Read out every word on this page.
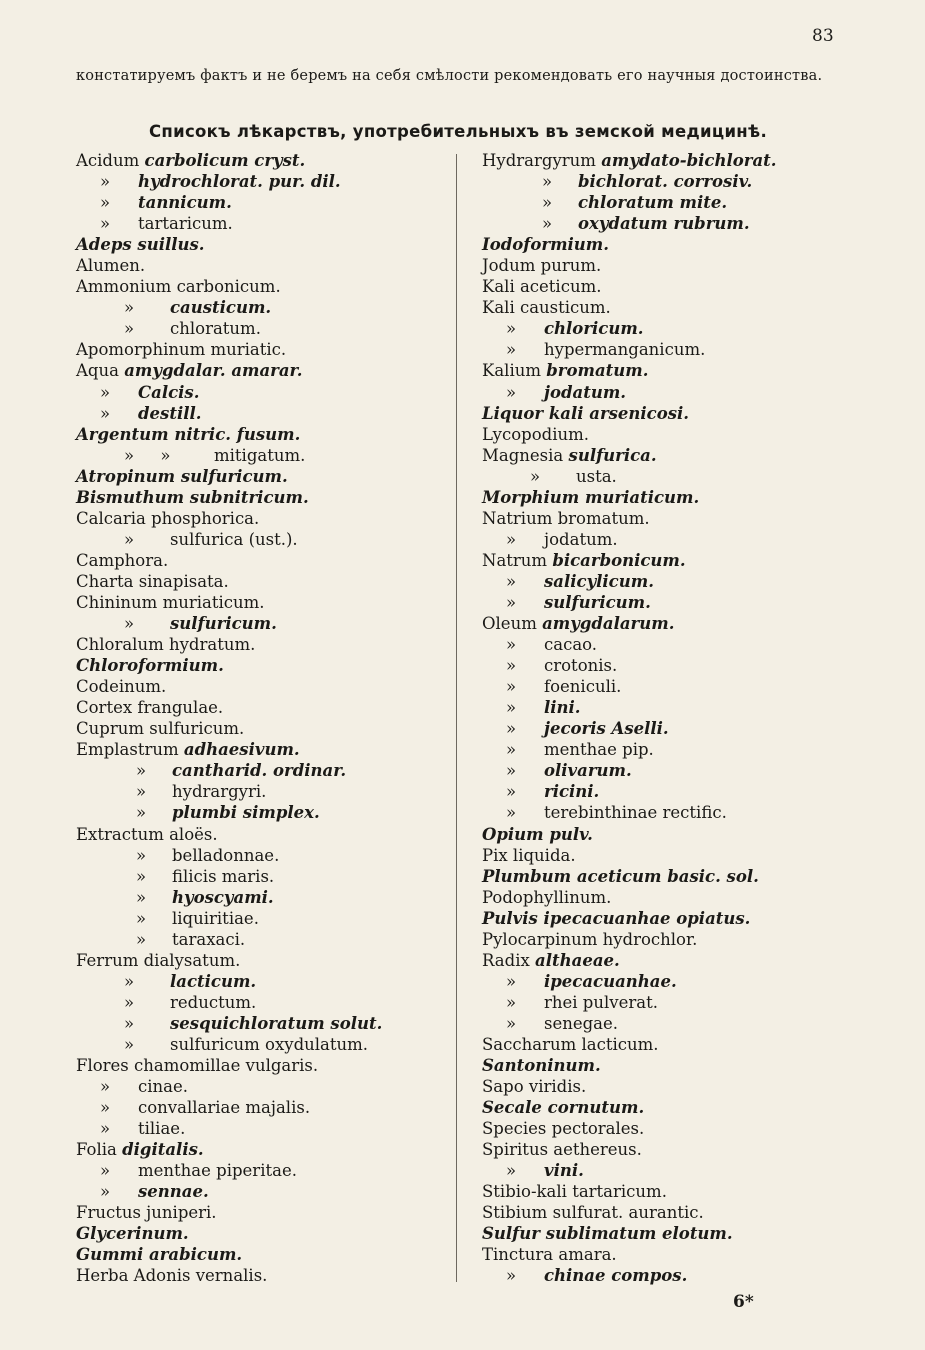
83
констатируемъ фактъ и не беремъ на себя смѣлости рекомендовать его научныя достоинства.
Списокъ лѣкарствъ, употребительныхъ въ земской медицинѣ.
Acidum carbolicum cryst.
» hydrochlorat. pur. dil.
» tannicum.
» tartaricum.
Adeps suillus.
Alumen.
Ammonium carbonicum.
» causticum.
» chloratum.
Apomorphinum muriatic.
Aqua amygdalar. amarar.
» Calcis.
» destill.
Argentum nitric. fusum.
»     »	mitigatum.
Atropinum sulfuricum.
Bismuthum subnitricum.
Calcaria phosphorica.
» sulfurica (ust.).
Camphora.
Charta sinapisata.
Chininum muriaticum.
» sulfuricum.
Chloralum hydratum.
Chloroformium.
Codeinum.
Cortex frangulae.
Cuprum sulfuricum.
Emplastrum adhaesivum.
» cantharid. ordinar.
» hydrargyri.
» plumbi simplex.
Extractum aloës.
» belladonnae.
» filicis maris.
» hyoscyami.
» liquiritiae.
» taraxaci.
Ferrum dialysatum.
» lacticum.
» reductum.
» sesquichloratum solut.
» sulfuricum oxydulatum.
Flores chamomillae vulgaris.
» cinae.
» convallariae majalis.
» tiliae.
Folia digitalis.
» menthae piperitae.
» sennae.
Fructus juniperi.
Glycerinum.
Gummi arabicum.
Herba Adonis vernalis.
Hydrargyrum amydato-bichlorat.
» bichlorat. corrosiv.
» chloratum mite.
» oxydatum rubrum.
Iodoformium.
Jodum purum.
Kali aceticum.
Kali causticum.
» chloricum.
» hypermanganicum.
Kalium bromatum.
» jodatum.
Liquor kali arsenicosi.
Lycopodium.
Magnesia sulfurica.
» usta.
Morphium muriaticum.
Natrium bromatum.
» jodatum.
Natrum bicarbonicum.
» salicylicum.
» sulfuricum.
Oleum amygdalarum.
» cacao.
» crotonis.
» foeniculi.
» lini.
» jecoris Aselli.
» menthae pip.
» olivarum.
» ricini.
» terebinthinae rectific.
Opium pulv.
Pix liquida.
Plumbum aceticum basic. sol.
Podophyllinum.
Pulvis ipecacuanhae opiatus.
Pylocarpinum hydrochlor.
Radix althaeae.
» ipecacuanhae.
» rhei pulverat.
» senegae.
Saccharum lacticum.
Santoninum.
Sapo viridis.
Secale cornutum.
Species pectorales.
Spiritus aethereus.
» vini.
Stibio-kali tartaricum.
Stibium sulfurat. aurantic.
Sulfur sublimatum elotum.
Tinctura amara.
» chinae compos.
6*
